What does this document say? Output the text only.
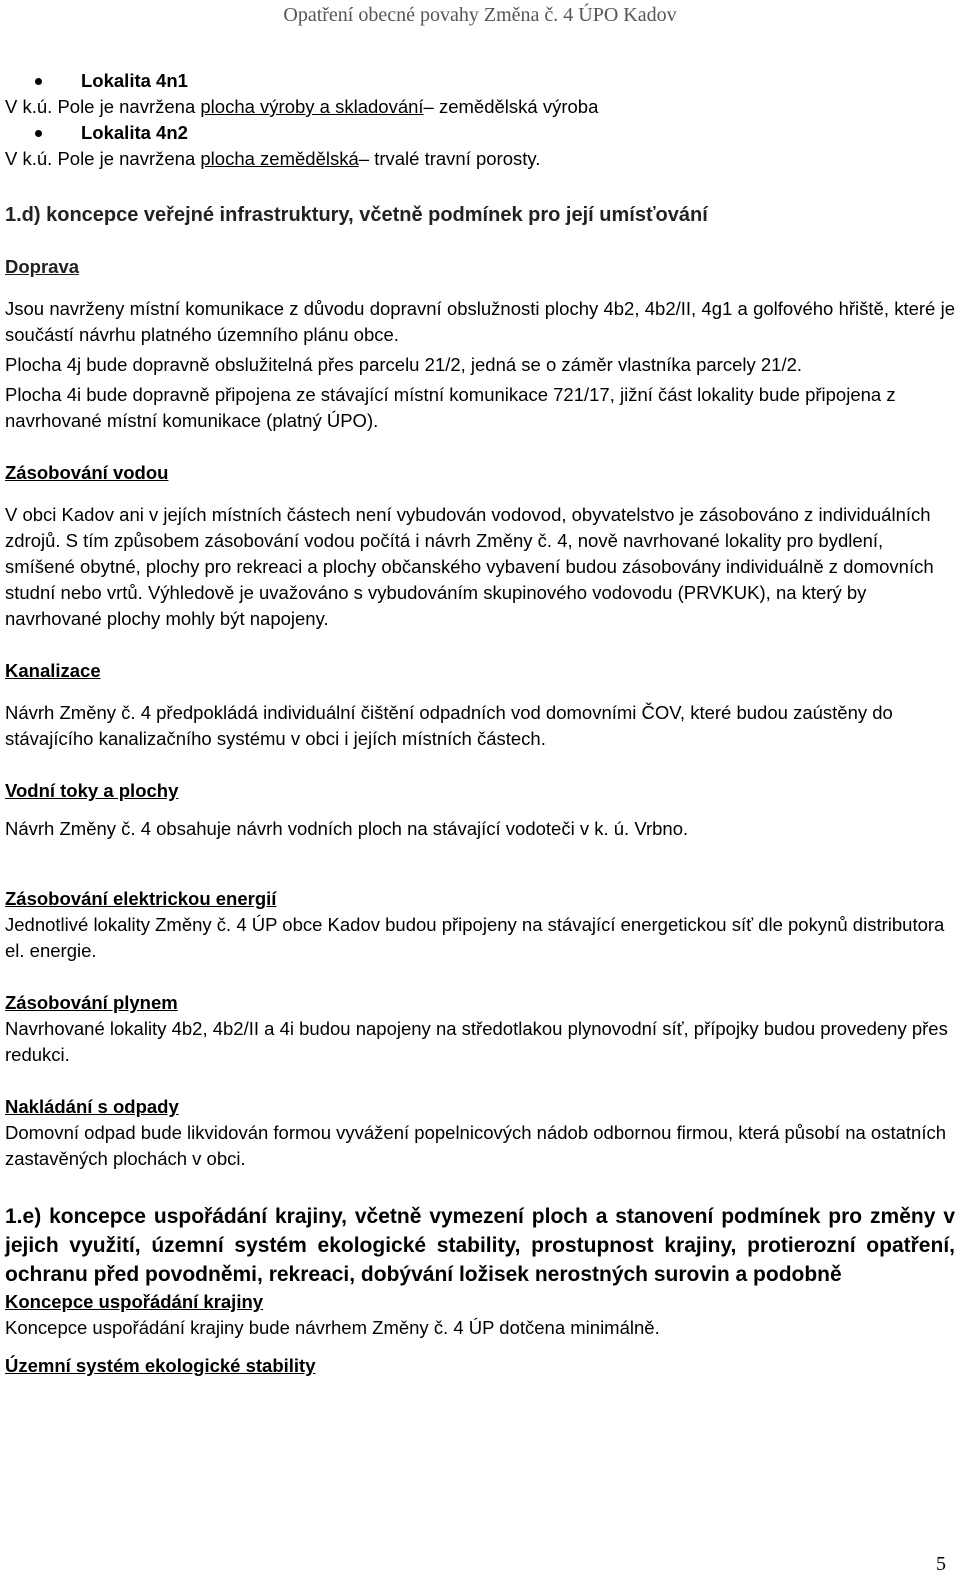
Opatření obecné povahy Změna č. 4 ÚPO Kadov
Lokalita 4n1

V k.ú. Pole je navržena plocha výroby a skladování– zemědělská výroba

Lokalita 4n2

V k.ú. Pole je navržena plocha zemědělská– trvalé travní porosty.

1.d) koncepce veřejné infrastruktury, včetně podmínek pro její umísťování

Doprava

Jsou navrženy místní komunikace z důvodu dopravní obslužnosti plochy 4b2, 4b2/II, 4g1 a golfového hřiště, které je součástí návrhu platného územního plánu obce.

Plocha 4j bude dopravně obslužitelná přes parcelu 21/2, jedná se o záměr vlastníka parcely 21/2.

Plocha 4i bude dopravně připojena ze stávající místní komunikace 721/17, jižní část lokality bude připojena z navrhované místní komunikace (platný ÚPO).

Zásobování vodou

V obci Kadov ani v jejích místních částech není vybudován vodovod, obyvatelstvo je zásobováno z individuálních zdrojů. S tím způsobem zásobování vodou počítá i návrh Změny č. 4, nově navrhované lokality pro bydlení, smíšené obytné, plochy pro rekreaci a plochy občanského vybavení budou zásobovány individuálně z domovních studní nebo vrtů. Výhledově je uvažováno s vybudováním skupinového vodovodu (PRVKUK), na který by navrhované plochy mohly být napojeny.

Kanalizace

Návrh Změny č. 4 předpokládá individuální čištění odpadních vod domovními ČOV, které budou zaústěny do stávajícího kanalizačního systému v obci i jejích místních částech.

Vodní toky a plochy

Návrh Změny č. 4 obsahuje návrh vodních ploch na stávající vodoteči v k. ú. Vrbno.

Zásobování elektrickou energií

Jednotlivé lokality Změny č. 4 ÚP obce Kadov budou připojeny na stávající energetickou síť dle pokynů distributora el. energie.

Zásobování plynem

Navrhované lokality 4b2, 4b2/II a 4i budou napojeny na středotlakou plynovodní síť, přípojky budou provedeny přes redukci.

Nakládání s odpady

Domovní odpad bude likvidován formou vyvážení popelnicových nádob odbornou firmou, která působí na ostatních zastavěných plochách v obci.

1.e) koncepce uspořádání krajiny, včetně vymezení ploch a stanovení podmínek pro změny v jejich využití, územní systém ekologické stability, prostupnost krajiny, protierozní opatření, ochranu před povodněmi, rekreaci, dobývání ložisek nerostných surovin a podobně

Koncepce uspořádání krajiny

Koncepce uspořádání krajiny bude návrhem Změny č. 4 ÚP dotčena minimálně.

Územní systém ekologické stability

5
